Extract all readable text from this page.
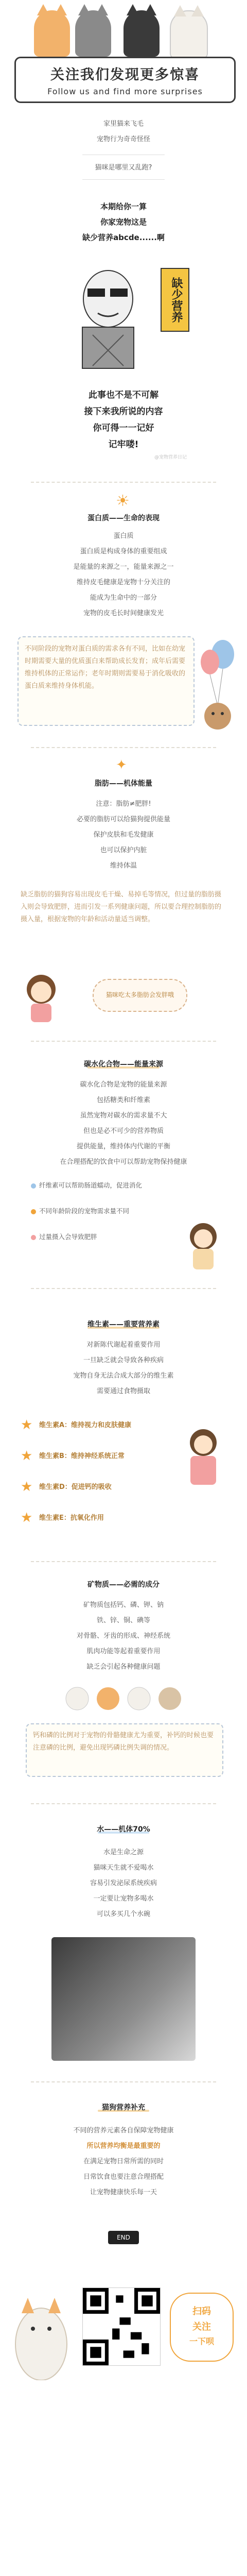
关注我们发现更多惊喜
Follow us and find more surprises
家里猫来飞毛
宠物行为奇奇怪怪
猫咪是哪里又乱跑?
本期给你一算
你家宠物这是
缺少营养abcde......啊
缺少营养
此事也不是不可解
接下来我所说的内容
你可得一一记好
记牢喽!
@宠物营养日记
☀
蛋白质——生命的表现
蛋白质
蛋白质是构成身体的重要组成
是能量的来源之一，能量来源之一
维持皮毛健康是宠物十分关注的
能成为生命中的一部分
宠物的皮毛长时间健康发光
不同阶段的宠物对蛋白质的需求各有不同，比如在幼宠时期需要大量的优质蛋白来帮助成长发育；成年后需要维持机体的正常运作；老年时期则需要易于消化吸收的蛋白质来维持身体机能。
✦
脂肪——机体能量
注意：脂肪≠肥胖!
必要的脂肪可以给猫狗提供能量
保护皮肤和毛发健康
也可以保护内脏
维持体温
缺乏脂肪的猫狗容易出现皮毛干燥、易掉毛等情况，但过量的脂肪摄入则会导致肥胖，进而引发一系列健康问题，所以要合理控制脂肪的摄入量，根据宠物的年龄和活动量适当调整。
猫咪吃太多脂肪会发胖哦
碳水化合物——能量来源
碳水化合物是宠物的能量来源
包括糖类和纤维素
虽然宠物对碳水的需求量不大
但也是必不可少的营养物质
提供能量，维持体内代谢的平衡
在合理搭配的饮食中可以帮助宠物保持健康
纤维素可以帮助肠道蠕动，促进消化
不同年龄阶段的宠物需求量不同
过量摄入会导致肥胖
维生素——重要营养素
对新陈代谢起着重要作用
一旦缺乏就会导致各种疾病
宠物自身无法合成大部分的维生素
需要通过食物摄取
★ 维生素A：维持视力和皮肤健康
★ 维生素B：维持神经系统正常
★ 维生素D：促进钙的吸收
★ 维生素E：抗氧化作用
矿物质——必需的成分
矿物质包括钙、磷、钾、钠
铁、锌、铜、碘等
对骨骼、牙齿的形成、神经系统
肌肉功能等起着重要作用
缺乏会引起各种健康问题
钙和磷的比例对于宠物的骨骼健康尤为重要，补钙的时候也要注意磷的比例，避免出现钙磷比例失调的情况。
水——机体70%
水是生命之源
猫咪天生就不爱喝水
容易引发泌尿系统疾病
一定要让宠物多喝水
可以多买几个水碗
猫狗营养补充
不同的营养元素各自保障宠物健康
所以营养均衡是最重要的
在满足宠物日常所需的同时
日常饮食也要注意合理搭配
让宠物健康快乐每一天
END
扫码
关注
一下呗
